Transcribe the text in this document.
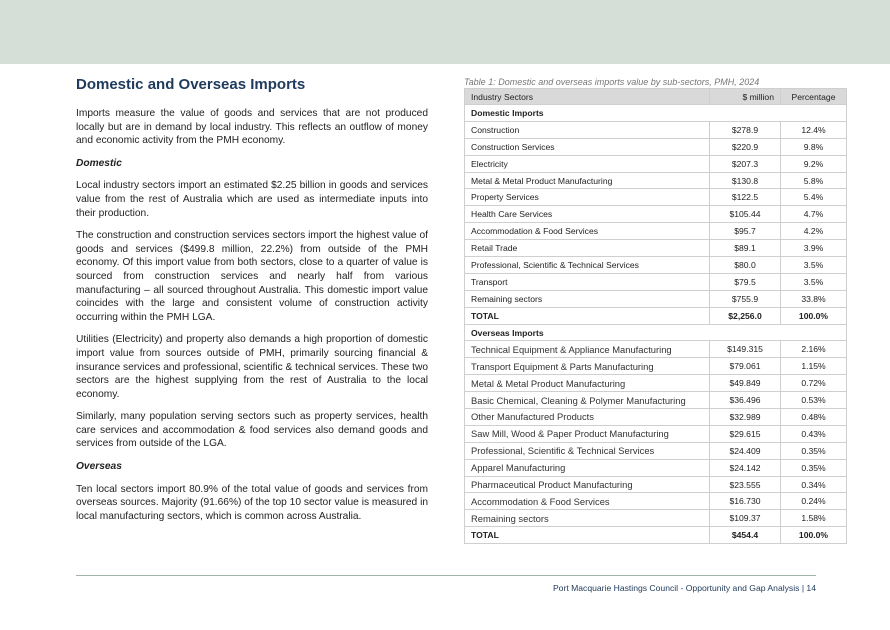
Domestic and Overseas Imports

Imports measure the value of goods and services that are not produced locally but are in demand by local industry. This reflects an outflow of money and economic activity from the PMH economy.

Domestic

Local industry sectors import an estimated $2.25 billion in goods and services value from the rest of Australia which are used as intermediate inputs into their production.

The construction and construction services sectors import the highest value of goods and services ($499.8 million, 22.2%) from outside of the PMH economy. Of this import value from both sectors, close to a quarter of value is sourced from construction services and nearly half from various manufacturing – all sourced throughout Australia. This domestic import value coincides with the large and consistent volume of construction activity occurring within the PMH LGA.

Utilities (Electricity) and property also demands a high proportion of domestic import value from sources outside of PMH, primarily sourcing financial & insurance services and professional, scientific & technical services. These two sectors are the highest supplying from the rest of Australia to the local economy.

Similarly, many population serving sectors such as property services, health care services and accommodation & food services also demand goods and services from outside of the LGA.

Overseas

Ten local sectors import 80.9% of the total value of goods and services from overseas sources. Majority (91.66%) of the top 10 sector value is measured in local manufacturing sectors, which is common across Australia.

Table 1: Domestic and overseas imports value by sub-sectors, PMH, 2024
Industry Sectors	$ million	Percentage
Domestic Imports		
Construction	$278.9	12.4%
Construction Services	$220.9	9.8%
Electricity	$207.3	9.2%
Metal & Metal Product Manufacturing	$130.8	5.8%
Property Services	$122.5	5.4%
Health Care Services	$105.44	4.7%
Accommodation & Food Services	$95.7	4.2%
Retail Trade	$89.1	3.9%
Professional, Scientific & Technical Services	$80.0	3.5%
Transport	$79.5	3.5%
Remaining sectors	$755.9	33.8%
TOTAL	$2,256.0	100.0%
Overseas Imports		
Technical Equipment & Appliance Manufacturing	$149.315	2.16%
Transport Equipment & Parts Manufacturing	$79.061	1.15%
Metal & Metal Product Manufacturing	$49.849	0.72%
Basic Chemical, Cleaning & Polymer Manufacturing	$36.496	0.53%
Other Manufactured Products	$32.989	0.48%
Saw Mill, Wood & Paper Product Manufacturing	$29.615	0.43%
Professional, Scientific & Technical Services	$24.409	0.35%
Apparel Manufacturing	$24.142	0.35%
Pharmaceutical Product Manufacturing	$23.555	0.34%
Accommodation & Food Services	$16.730	0.24%
Remaining sectors	$109.37	1.58%
TOTAL	$454.4	100.0%
Port Macquarie Hastings Council - Opportunity and Gap Analysis | 14
